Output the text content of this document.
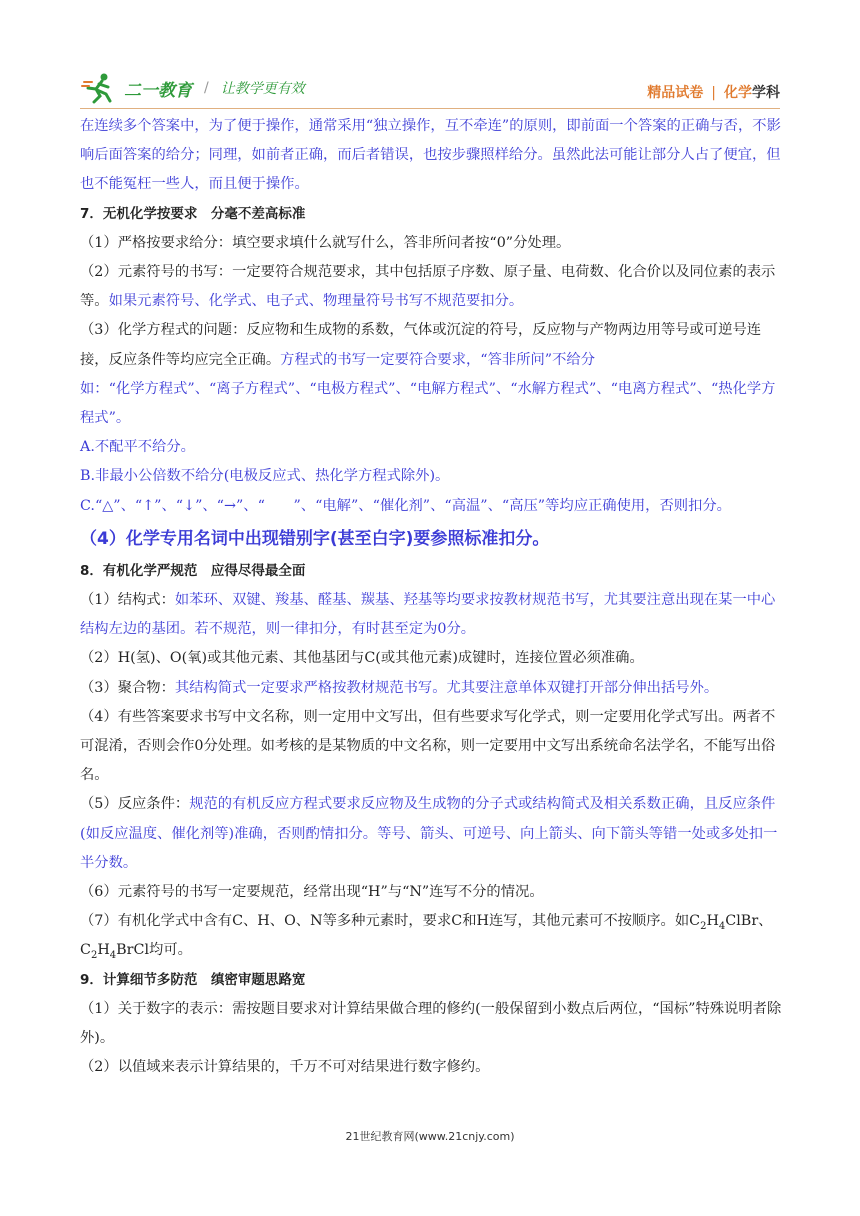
二一教育 / 让教学更有效	精品试卷 | 化学学科

在连续多个答案中，为了便于操作，通常采用“独立操作，互不牵连”的原则，即前面一个答案的正确与否，不影响后面答案的给分；同理，如前者正确，而后者错误，也按步骤照样给分。虽然此法可能让部分人占了便宜，但也不能冤枉一些人，而且便于操作。

7．无机化学按要求　分毫不差高标准

（1）严格按要求给分：填空要求填什么就写什么，答非所问者按“0”分处理。

（2）元素符号的书写：一定要符合规范要求，其中包括原子序数、原子量、电荷数、化合价以及同位素的表示等。如果元素符号、化学式、电子式、物理量符号书写不规范要扣分。

（3）化学方程式的问题：反应物和生成物的系数，气体或沉淀的符号，反应物与产物两边用等号或可逆号连接，反应条件等均应完全正确。方程式的书写一定要符合要求，“答非所问”不给分

如：“化学方程式”、“离子方程式”、“电极方程式”、“电解方程式”、“水解方程式”、“电离方程式”、“热化学方程式”。

A.不配平不给分。

B.非最小公倍数不给分(电极反应式、热化学方程式除外)。

C.“△”、“↑”、“↓”、“→”、“　　”、“电解”、“催化剂”、“高温”、“高压”等均应正确使用，否则扣分。

（4）化学专用名词中出现错别字(甚至白字)要参照标准扣分。

8．有机化学严规范　应得尽得最全面

（1）结构式：如苯环、双键、羧基、醛基、羰基、羟基等均要求按教材规范书写，尤其要注意出现在某一中心结构左边的基团。若不规范，则一律扣分，有时甚至定为0分。

（2）H(氢)、O(氧)或其他元素、其他基团与C(或其他元素)成键时，连接位置必须准确。

（3）聚合物：其结构简式一定要求严格按教材规范书写。尤其要注意单体双键打开部分伸出括号外。

（4）有些答案要求书写中文名称，则一定用中文写出，但有些要求写化学式，则一定要用化学式写出。两者不可混淆，否则会作0分处理。如考核的是某物质的中文名称，则一定要用中文写出系统命名法学名，不能写出俗名。

（5）反应条件：规范的有机反应方程式要求反应物及生成物的分子式或结构简式及相关系数正确，且反应条件(如反应温度、催化剂等)准确，否则酌情扣分。等号、箭头、可逆号、向上箭头、向下箭头等错一处或多处扣一半分数。

（6）元素符号的书写一定要规范，经常出现“H”与“N”连写不分的情况。

（7）有机化学式中含有C、H、O、N等多种元素时，要求C和H连写，其他元素可不按顺序。如$C_2H_4ClBr$、$C_2H_4BrCl$均可。

9．计算细节多防范　缜密审题思路宽

（1）关于数字的表示：需按题目要求对计算结果做合理的修约(一般保留到小数点后两位，“国标”特殊说明者除外)。

（2）以值域来表示计算结果的，千万不可对结果进行数字修约。

21世纪教育网(www.21cnjy.com)
